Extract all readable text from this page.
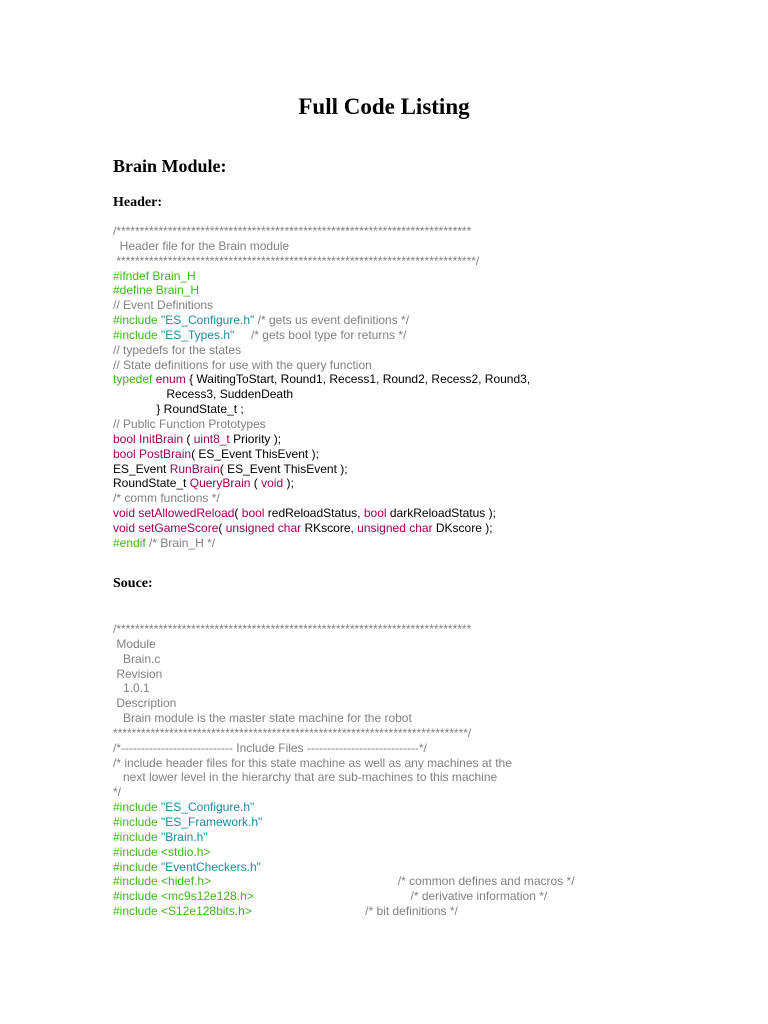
Full Code Listing
Brain Module:
Header:
/****************************************************************************
Header file for the Brain module
*****************************************************************************/
#ifndef Brain_H
#define Brain_H
// Event Definitions
#include "ES_Configure.h" /* gets us event definitions */
#include "ES_Types.h"     /* gets bool type for returns */
// typedefs for the states
// State definitions for use with the query function
typedef enum { WaitingToStart, Round1, Recess1, Round2, Recess2, Round3,
Recess3, SuddenDeath
} RoundState_t ;
// Public Function Prototypes
bool InitBrain ( uint8_t Priority );
bool PostBrain( ES_Event ThisEvent );
ES_Event RunBrain( ES_Event ThisEvent );
RoundState_t QueryBrain ( void );
/* comm functions */
void setAllowedReload( bool redReloadStatus, bool darkReloadStatus );
void setGameScore( unsigned char RKscore, unsigned char DKscore );
#endif /* Brain_H */
Souce:
/****************************************************************************
Module
Brain.c
Revision
1.0.1
Description
Brain module is the master state machine for the robot
****************************************************************************/
/*---------------------------- Include Files ----------------------------*/
/* include header files for this state machine as well as any machines at the
next lower level in the hierarchy that are sub-machines to this machine
*/
#include "ES_Configure.h"
#include "ES_Framework.h"
#include "Brain.h"
#include <stdio.h>
#include "EventCheckers.h"
#include <hidef.h>                                                        /* common defines and macros */
#include <mc9s12e128.h>                                               /* derivative information */
#include <S12e128bits.h>                                  /* bit definitions */
